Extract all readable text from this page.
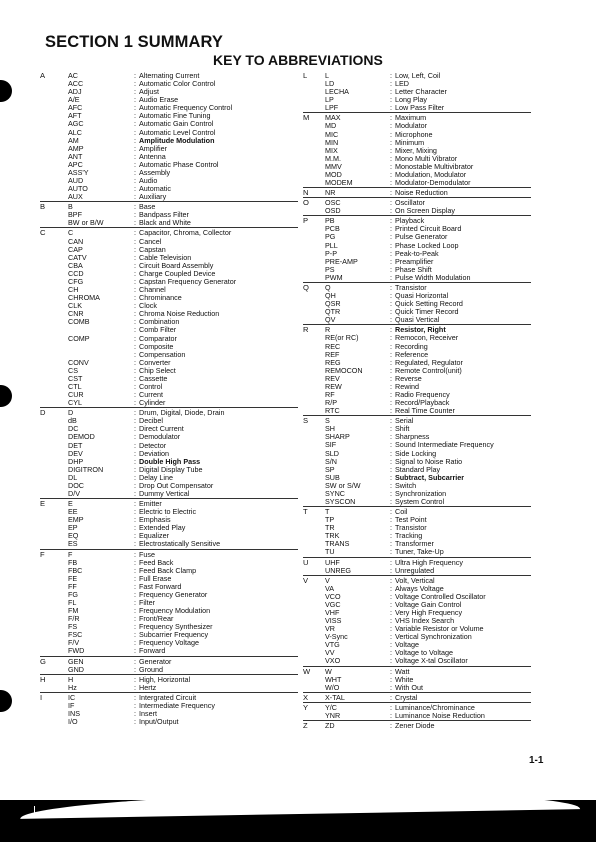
SECTION 1 SUMMARY
KEY TO ABBREVIATIONS
A	AC	: Alternating Current
ACC	: Automatic Color Control
ADJ	: Adjust
A/E	: Audio Erase
AFC	: Automatic Frequency Control
AFT	: Automatic Fine Tuning
AGC	: Automatic Gain Control
ALC	: Automatic Level Control
AM	: Amplitude Modulation
AMP	: Amplifier
ANT	: Antenna
APC	: Automatic Phase Control
ASS'Y	: Assembly
AUD	: Audio
AUTO	: Automatic
AUX	: Auxiliary
B	B	: Base
BPF	: Bandpass Filter
BW or B/W	: Black and White
C	C	: Capacitor, Chroma, Collector
CAN	: Cancel
CAP	: Capstan
CATV	: Cable Television
CBA	: Circuit Board Assembly
CCD	: Charge Coupled Device
CFG	: Capstan Frequency Generator
CH	: Channel
CHROMA	: Chrominance
CLK	: Clock
CNR	: Chroma Noise Reduction
COMB	: Combination
: Comb Filter
COMP	: Comparator
: Composite
: Compensation
CONV	: Converter
CS	: Chip Select
CST	: Cassette
CTL	: Control
CUR	: Current
CYL	: Cylinder
D	D	: Drum, Digital, Diode, Drain
dB	: Decibel
DC	: Direct Current
DEMOD	: Demodulator
DET	: Detector
DEV	: Deviation
DHP	: Double High Pass
DIGITRON	: Digital Display Tube
DL	: Delay Line
DOC	: Drop Out Compensator
D/V	: Dummy Vertical
E	E	: Emitter
EE	: Electric to Electric
EMP	: Emphasis
EP	: Extended Play
EQ	: Equalizer
ES	: Electrostatically Sensitive
F	F	: Fuse
FB	: Feed Back
FBC	: Feed Back Clamp
FE	: Full Erase
FF	: Fast Forward
FG	: Frequency Generator
FL	: Filter
FM	: Frequency Modulation
F/R	: Front/Rear
FS	: Frequency Synthesizer
FSC	: Subcarrier Frequency
F/V	: Frequency Voltage
FWD	: Forward
G	GEN	: Generator
GND	: Ground
H	H	: High, Horizontal
Hz	: Hertz
I	IC	: Intergrated Circuit
IF	: Intermediate Frequency
INS	: Insert
I/O	: Input/Output
L	L	: Low, Left, Coil
LD	: LED
LECHA	: Letter Character
LP	: Long Play
LPF	: Low Pass Filter
M	MAX	: Maximum
MD	: Modulator
MIC	: Microphone
MIN	: Minimum
MIX	: Mixer, Mixing
M.M.	: Mono Multi Vibrator
MMV	: Monostable Multivibrator
MOD	: Modulation, Modulator
MODEM	: Modulator-Demodulator
N	NR	: Noise Reduction
O	OSC	: Oscillator
OSD	: On Screen Display
P	PB	: Playback
PCB	: Printed Circuit Board
PG	: Pulse Generator
PLL	: Phase Locked Loop
P-P	: Peak-to-Peak
PRE-AMP	: Preamplifier
PS	: Phase Shift
PWM	: Pulse Width Modulation
Q	Q	: Transistor
QH	: Quasi Horizontal
QSR	: Quick Setting Record
QTR	: Quick Timer Record
QV	: Quasi Vertical
R	R	: Resistor, Right
RE(or RC)	: Remocon, Receiver
REC	: Recording
REF	: Reference
REG	: Regulated, Regulator
REMOCON	: Remote Control(unit)
REV	: Reverse
REW	: Rewind
RF	: Radio Frequency
R/P	: Record/Playback
RTC	: Real Time Counter
S	S	: Serial
SH	: Shift
SHARP	: Sharpness
SIF	: Sound Intermediate Frequency
SLD	: Side Locking
S/N	: Signal to Noise Ratio
SP	: Standard Play
SUB	: Subtract, Subcarrier
SW or S/W	: Switch
SYNC	: Synchronization
SYSCON	: System Control
T	T	: Coil
TP	: Test Point
TR	: Transistor
TRK	: Tracking
TRANS	: Transformer
TU	: Tuner, Take-Up
U	UHF	: Ultra High Frequency
UNREG	: Unregulated
V	V	: Volt, Vertical
VA	: Always Voltage
VCO	: Voltage Controlled Oscillator
VGC	: Voltage Gain Control
VHF	: Very High Frequency
VISS	: VHS Index Search
VR	: Variable Resistor or Volume
V-Sync	: Vertical Synchronization
VTG	: Voltage
VV	: Voltage to Voltage
VXO	: Voltage X-tal Oscillator
W	W	: Watt
WHT	: White
W/O	: With Out
X	X-TAL	: Crystal
Y	Y/C	: Luminance/Chrominance
YNR	: Luminance Noise Reduction
Z	ZD	: Zener Diode
1-1
